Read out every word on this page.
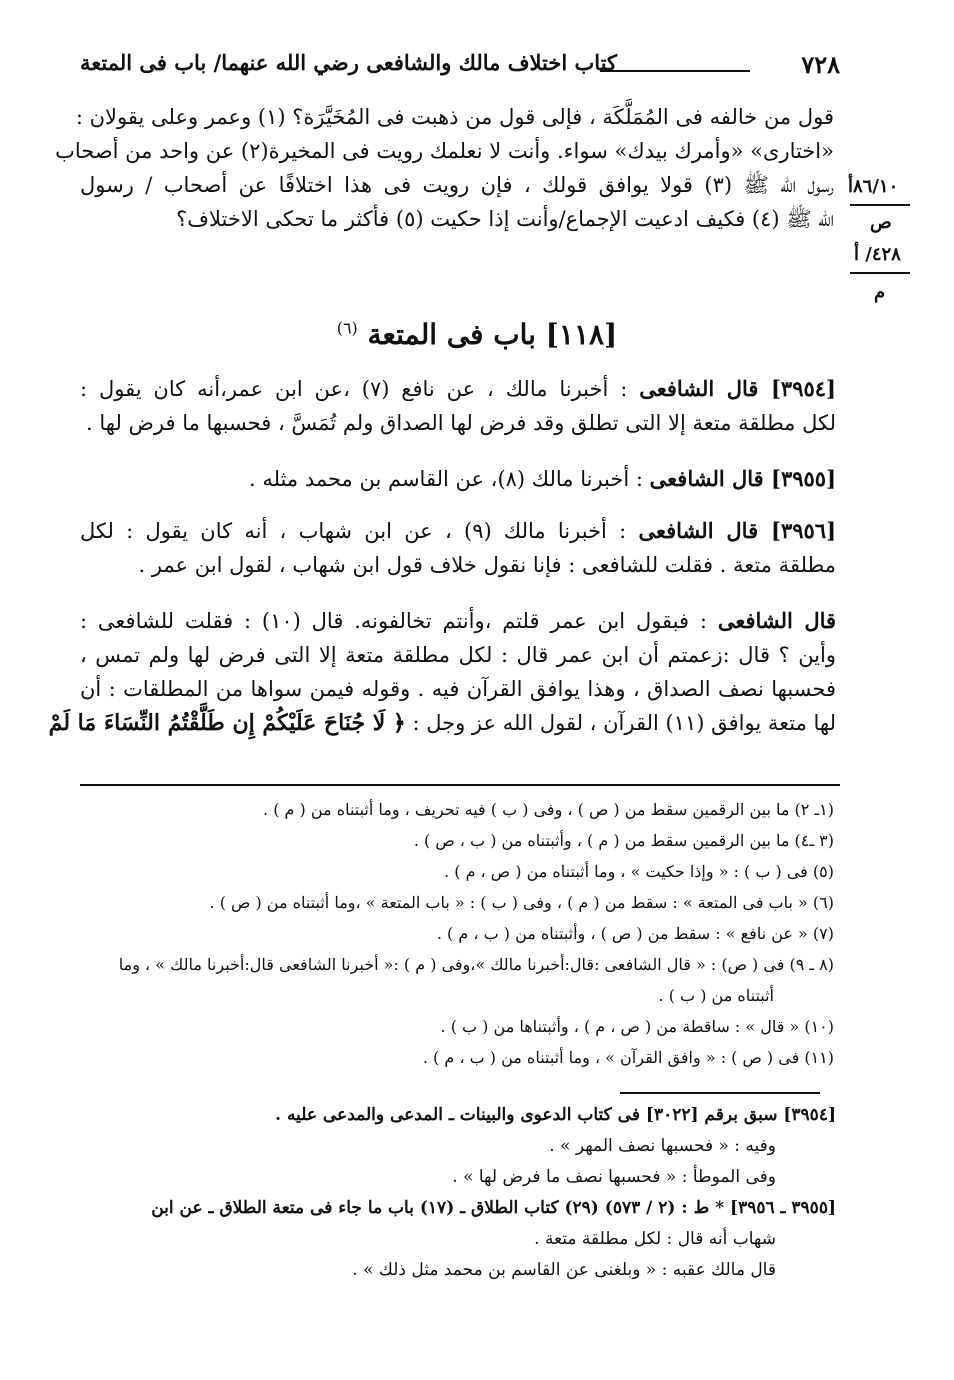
٧٢٨
كتاب اختلاف مالك والشافعى رضي الله عنهما/ باب فى المتعة
٨٦/١٠أ
ص
٤٢٨/ أ
م
قول من خالفه فى المُمَلَّكَة ، فإلى قول من ذهبت فى المُخَيَّرَة؟ (١) وعمر وعلى يقولان :
«اختارى» «وأمرك بيدك» سواء. وأنت لا نعلمك رويت فى المخيرة(٢) عن واحد من أصحاب
رسول الله ﷺ (٣) قولا يوافق قولك ، فإن رويت فى هذا اختلافًا عن أصحاب / رسول
الله ﷺ (٤) فكيف ادعيت الإجماع/وأنت إذا حكيت (٥) فأكثر ما تحكى الاختلاف؟
[١١٨] باب فى المتعة $^{(٦)}$
[٣٩٥٤] قال الشافعى : أخبرنا مالك ، عن نافع (٧) ،عن ابن عمر،أنه كان يقول :
لكل مطلقة متعة إلا التى تطلق وقد فرض لها الصداق ولم تُمَسَّ ، فحسبها ما فرض لها .
[٣٩٥٥] قال الشافعى : أخبرنا مالك (٨)، عن القاسم بن محمد مثله .
[٣٩٥٦] قال الشافعى : أخبرنا مالك (٩) ، عن ابن شهاب ، أنه كان يقول : لكل
مطلقة متعة . فقلت للشافعى : فإنا نقول خلاف قول ابن شهاب ، لقول ابن عمر .
قال الشافعى : فبقول ابن عمر قلتم ،وأنتم تخالفونه. قال (١٠) : فقلت للشافعى :
وأين ؟ قال :زعمتم أن ابن عمر قال : لكل مطلقة متعة إلا التى فرض لها ولم تمس ،
فحسبها نصف الصداق ، وهذا يوافق القرآن فيه . وقوله فيمن سواها من المطلقات : أن
لها متعة يوافق (١١) القرآن ، لقول الله عز وجل : ﴿ لَا جُنَاحَ عَلَيْكُمْ إِن طَلَّقْتُمُ النِّسَاءَ مَا لَمْ
(١ـ ٢) ما بين الرقمين سقط من ( ص ) ، وفى ( ب ) فيه تحريف ، وما أثبتناه من ( م ) .
(٣ ـ٤) ما بين الرقمين سقط من ( م ) ، وأثبتناه من ( ب ، ص ) .
(٥) فى ( ب ) : « وإذا حكيت » ، وما أثبتناه من ( ص ، م ) .
(٦) « باب فى المتعة » : سقط من ( م ) ، وفى ( ب ) : « باب المتعة » ،وما أثبتناه من ( ص ) .
(٧) « عن نافع » : سقط من ( ص ) ، وأثبتناه من ( ب ، م ) .
(٨ ـ ٩) فى ( ص) : « قال الشافعى :قال:أخبرنا مالك »،وفى ( م ) :« أخبرنا الشافعى قال:أخبرنا مالك » ، وما
أثبتناه من ( ب ) .
(١٠) « قال » : ساقطة من ( ص ، م ) ، وأثبتناها من ( ب ) .
(١١) فى ( ص ) : « وافق القرآن » ، وما أثبتناه من ( ب ، م ) .
[٣٩٥٤] سبق برقم [٣٠٢٢] فى كتاب الدعوى والبينات ـ المدعى والمدعى عليه .
وفيه : « فحسبها نصف المهر » .
وفى الموطأ : « فحسبها نصف ما فرض لها » .
[٣٩٥٥ ـ ٣٩٥٦] * ط : (٢ / ٥٧٣) (٢٩) كتاب الطلاق ـ (١٧) باب ما جاء فى متعة الطلاق ـ عن ابن
شهاب أنه قال : لكل مطلقة متعة .
قال مالك عقبه : « وبلغنى عن القاسم بن محمد مثل ذلك » .
